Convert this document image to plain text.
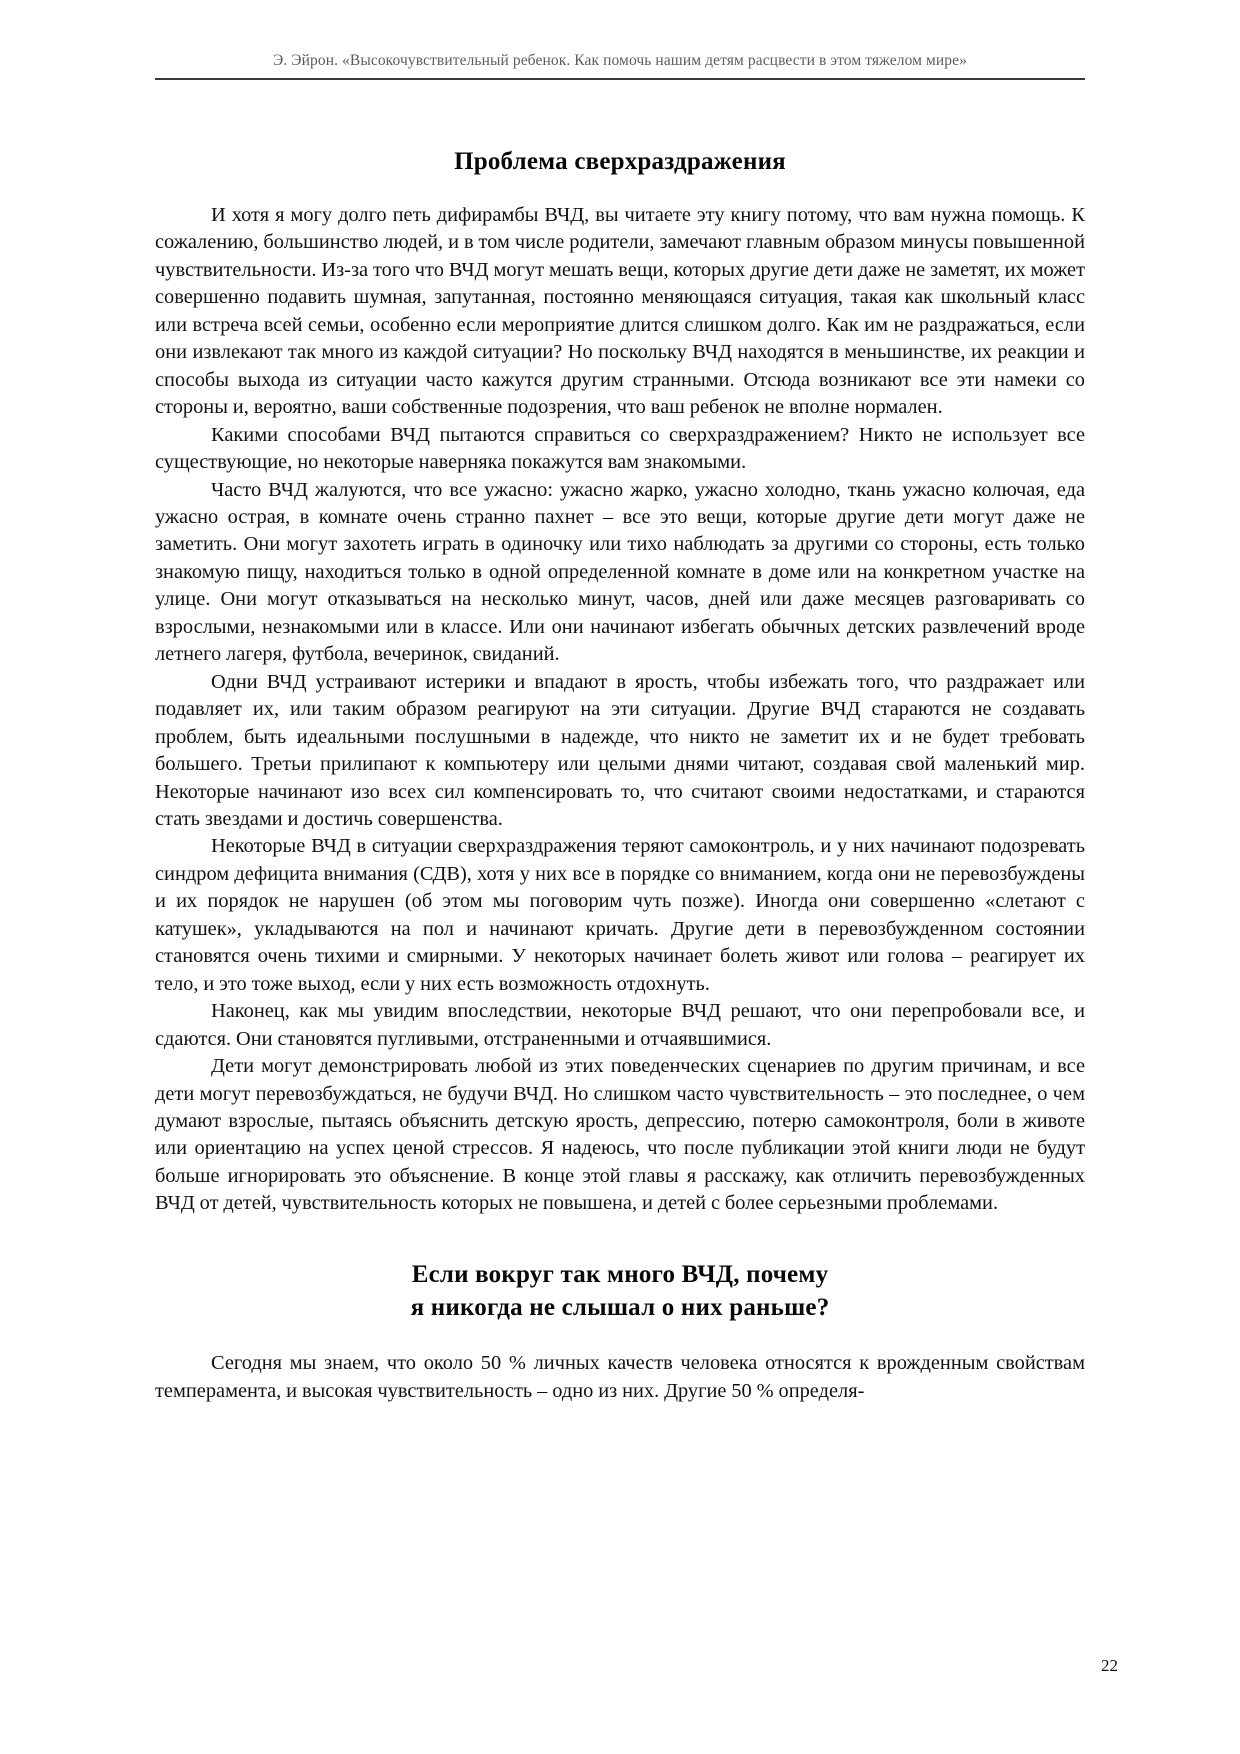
Э. Эйрон. «Высокочувствительный ребенок. Как помочь нашим детям расцвести в этом тяжелом мире»
Проблема сверхраздражения

И хотя я могу долго петь дифирамбы ВЧД, вы читаете эту книгу потому, что вам нужна помощь. К сожалению, большинство людей, и в том числе родители, замечают главным образом минусы повышенной чувствительности. Из-за того что ВЧД могут мешать вещи, которых другие дети даже не заметят, их может совершенно подавить шумная, запутанная, постоянно меняющаяся ситуация, такая как школьный класс или встреча всей семьи, особенно если мероприятие длится слишком долго. Как им не раздражаться, если они извлекают так много из каждой ситуации? Но поскольку ВЧД находятся в меньшинстве, их реакции и способы выхода из ситуации часто кажутся другим странными. Отсюда возникают все эти намеки со стороны и, вероятно, ваши собственные подозрения, что ваш ребенок не вполне нормален.

Какими способами ВЧД пытаются справиться со сверхраздражением? Никто не использует все существующие, но некоторые наверняка покажутся вам знакомыми.

Часто ВЧД жалуются, что все ужасно: ужасно жарко, ужасно холодно, ткань ужасно колючая, еда ужасно острая, в комнате очень странно пахнет – все это вещи, которые другие дети могут даже не заметить. Они могут захотеть играть в одиночку или тихо наблюдать за другими со стороны, есть только знакомую пищу, находиться только в одной определенной комнате в доме или на конкретном участке на улице. Они могут отказываться на несколько минут, часов, дней или даже месяцев разговаривать со взрослыми, незнакомыми или в классе. Или они начинают избегать обычных детских развлечений вроде летнего лагеря, футбола, вечеринок, свиданий.

Одни ВЧД устраивают истерики и впадают в ярость, чтобы избежать того, что раздражает или подавляет их, или таким образом реагируют на эти ситуации. Другие ВЧД стараются не создавать проблем, быть идеальными послушными в надежде, что никто не заметит их и не будет требовать большего. Третьи прилипают к компьютеру или целыми днями читают, создавая свой маленький мир. Некоторые начинают изо всех сил компенсировать то, что считают своими недостатками, и стараются стать звездами и достичь совершенства.

Некоторые ВЧД в ситуации сверхраздражения теряют самоконтроль, и у них начинают подозревать синдром дефицита внимания (СДВ), хотя у них все в порядке со вниманием, когда они не перевозбуждены и их порядок не нарушен (об этом мы поговорим чуть позже). Иногда они совершенно «слетают с катушек», укладываются на пол и начинают кричать. Другие дети в перевозбужденном состоянии становятся очень тихими и смирными. У некоторых начинает болеть живот или голова – реагирует их тело, и это тоже выход, если у них есть возможность отдохнуть.

Наконец, как мы увидим впоследствии, некоторые ВЧД решают, что они перепробовали все, и сдаются. Они становятся пугливыми, отстраненными и отчаявшимися.

Дети могут демонстрировать любой из этих поведенческих сценариев по другим причинам, и все дети могут перевозбуждаться, не будучи ВЧД. Но слишком часто чувствительность – это последнее, о чем думают взрослые, пытаясь объяснить детскую ярость, депрессию, потерю самоконтроля, боли в животе или ориентацию на успех ценой стрессов. Я надеюсь, что после публикации этой книги люди не будут больше игнорировать это объяснение. В конце этой главы я расскажу, как отличить перевозбужденных ВЧД от детей, чувствительность которых не повышена, и детей с более серьезными проблемами.

Если вокруг так много ВЧД, почему
я никогда не слышал о них раньше?

Сегодня мы знаем, что около 50 % личных качеств человека относятся к врожденным свойствам темперамента, и высокая чувствительность – одно из них. Другие 50 % определя-

22
